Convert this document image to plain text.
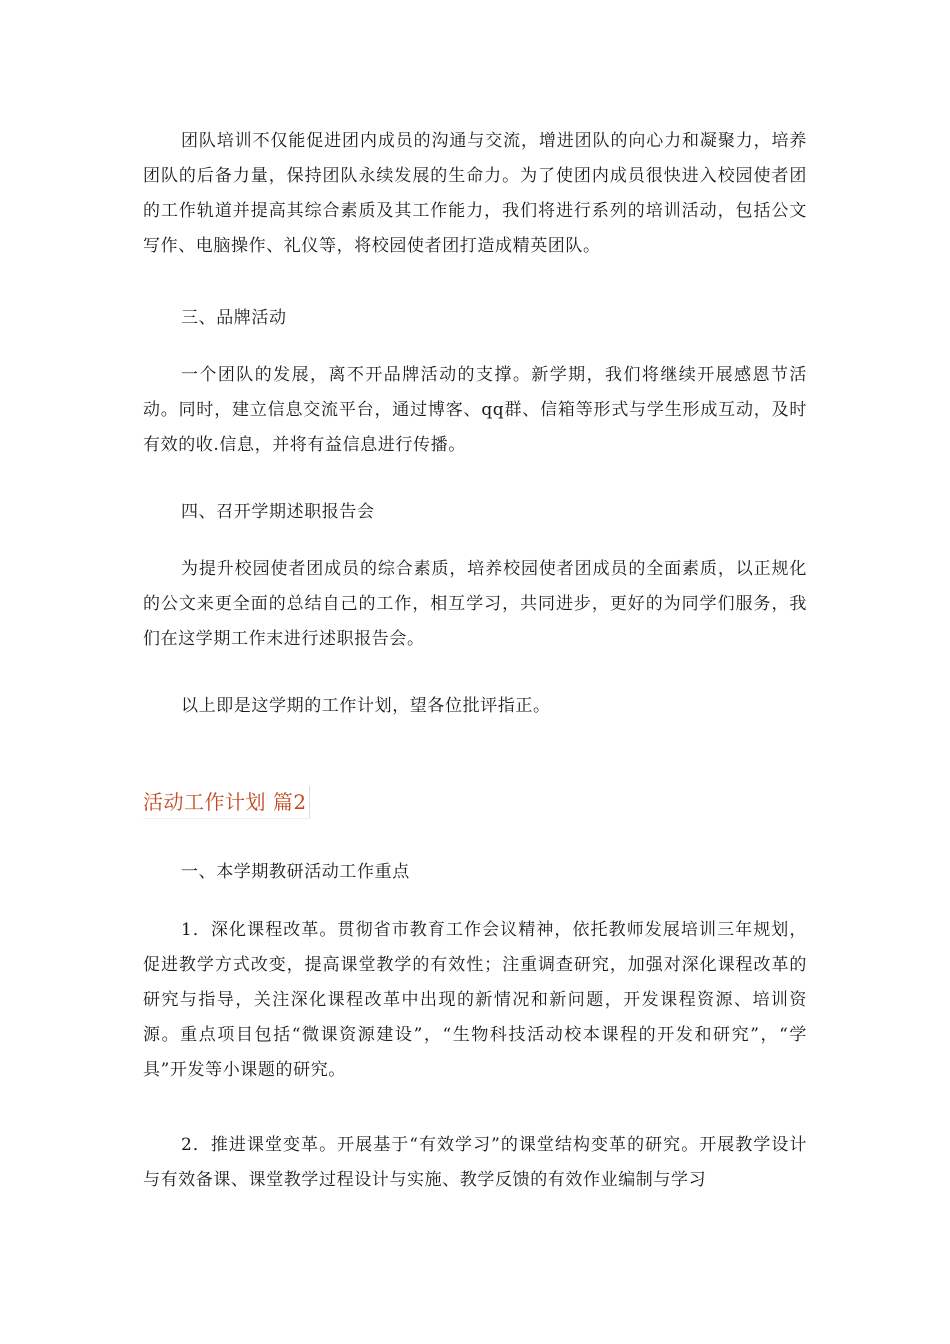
团队培训不仅能促进团内成员的沟通与交流，增进团队的向心力和凝聚力，培养团队的后备力量，保持团队永续发展的生命力。为了使团内成员很快进入校园使者团的工作轨道并提高其综合素质及其工作能力，我们将进行系列的培训活动，包括公文写作、电脑操作、礼仪等，将校园使者团打造成精英团队。

三、品牌活动

一个团队的发展，离不开品牌活动的支撑。新学期，我们将继续开展感恩节活动。同时，建立信息交流平台，通过博客、qq群、信箱等形式与学生形成互动，及时有效的收.信息，并将有益信息进行传播。

四、召开学期述职报告会

为提升校园使者团成员的综合素质，培养校园使者团成员的全面素质，以正规化的公文来更全面的总结自己的工作，相互学习，共同进步，更好的为同学们服务，我们在这学期工作末进行述职报告会。

以上即是这学期的工作计划，望各位批评指正。

活动工作计划 篇2

一、本学期教研活动工作重点

1．深化课程改革。贯彻省市教育工作会议精神，依托教师发展培训三年规划，促进教学方式改变，提高课堂教学的有效性；注重调查研究，加强对深化课程改革的研究与指导，关注深化课程改革中出现的新情况和新问题，开发课程资源、培训资源。重点项目包括“微课资源建设”，“生物科技活动校本课程的开发和研究”，“学具”开发等小课题的研究。

2．推进课堂变革。开展基于“有效学习”的课堂结构变革的研究。开展教学设计与有效备课、课堂教学过程设计与实施、教学反馈的有效作业编制与学习
